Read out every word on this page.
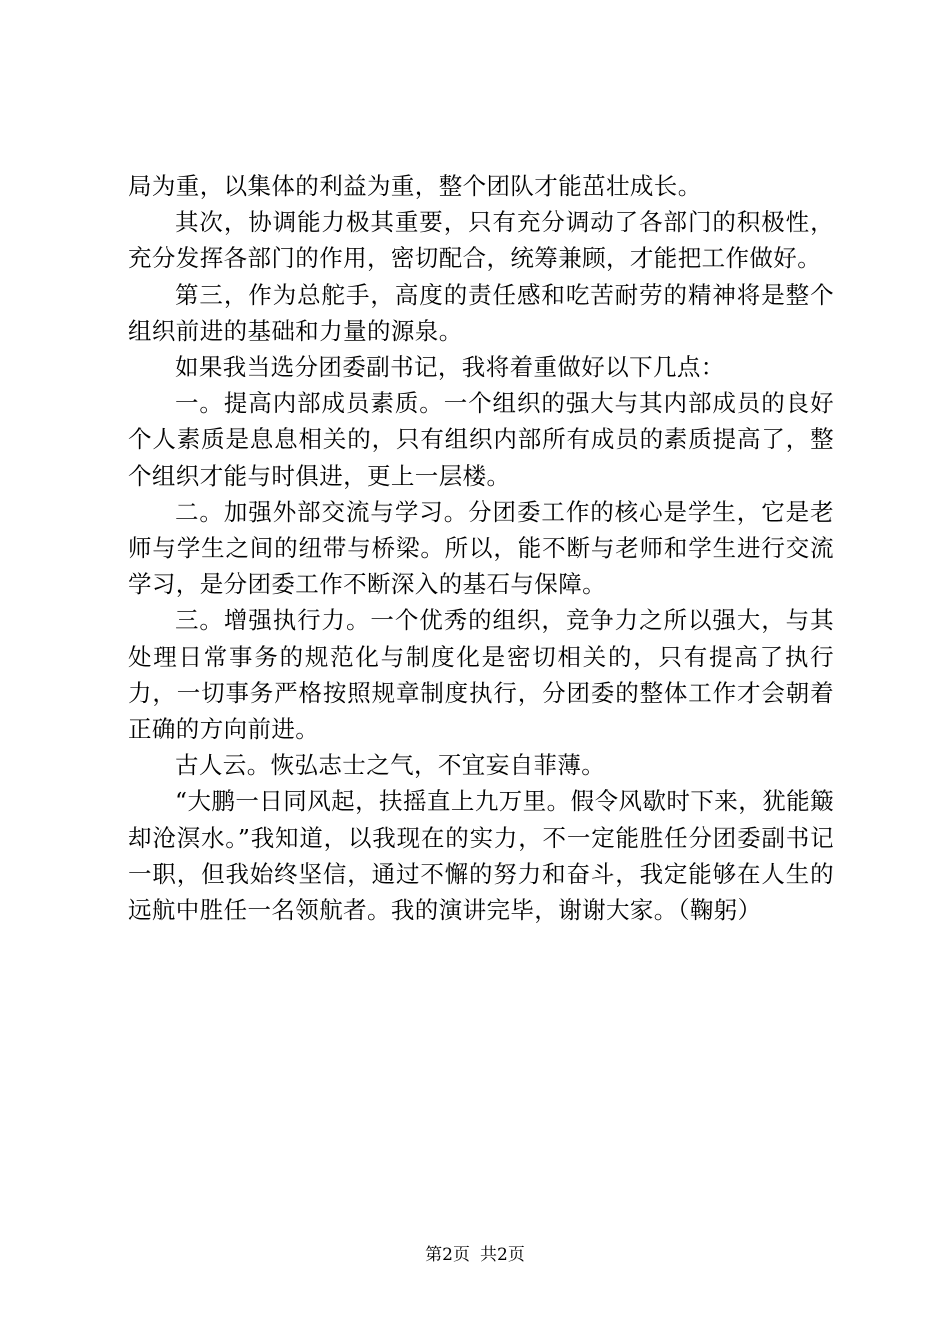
局为重，以集体的利益为重，整个团队才能茁壮成长。

其次，协调能力极其重要，只有充分调动了各部门的积极性，充分发挥各部门的作用，密切配合，统筹兼顾，才能把工作做好。

第三，作为总舵手，高度的责任感和吃苦耐劳的精神将是整个组织前进的基础和力量的源泉。

如果我当选分团委副书记，我将着重做好以下几点：

一。提高内部成员素质。一个组织的强大与其内部成员的良好个人素质是息息相关的，只有组织内部所有成员的素质提高了，整个组织才能与时俱进，更上一层楼。

二。加强外部交流与学习。分团委工作的核心是学生，它是老师与学生之间的纽带与桥梁。所以，能不断与老师和学生进行交流学习，是分团委工作不断深入的基石与保障。

三。增强执行力。一个优秀的组织，竞争力之所以强大，与其处理日常事务的规范化与制度化是密切相关的，只有提高了执行力，一切事务严格按照规章制度执行，分团委的整体工作才会朝着正确的方向前进。

古人云。恢弘志士之气，不宜妄自菲薄。

“大鹏一日同风起，扶摇直上九万里。假令风歇时下来，犹能簸却沧溟水。”我知道，以我现在的实力，不一定能胜任分团委副书记一职，但我始终坚信，通过不懈的努力和奋斗，我定能够在人生的远航中胜任一名领航者。我的演讲完毕，谢谢大家。（鞠躬）

第2页 共2页
